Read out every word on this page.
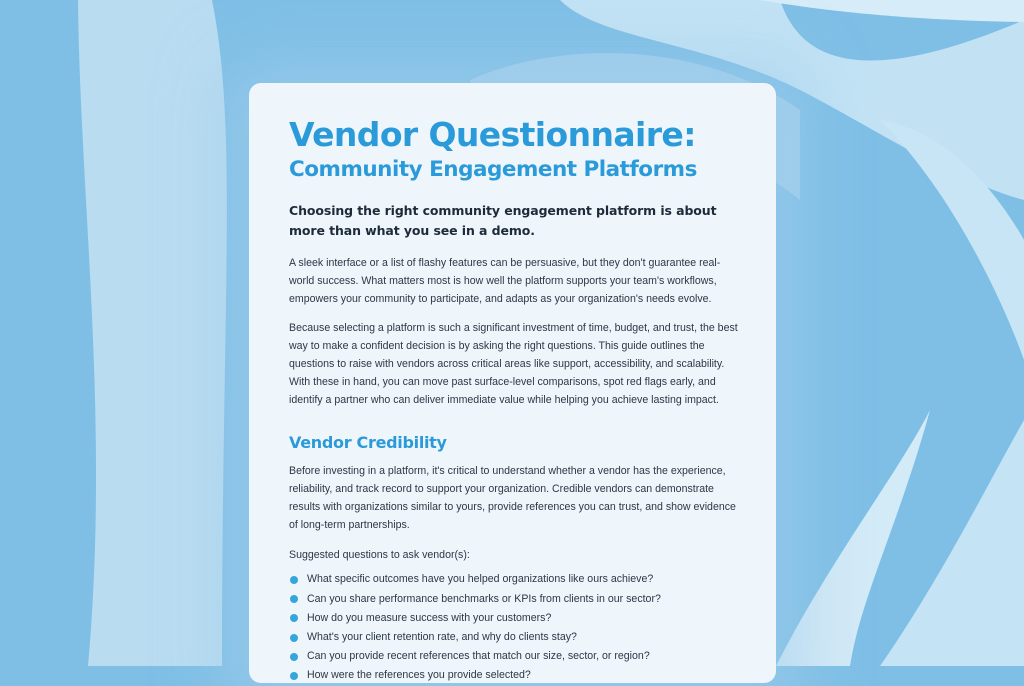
Vendor Questionnaire:
Community Engagement Platforms

Choosing the right community engagement platform is about more than what you see in a demo.

A sleek interface or a list of flashy features can be persuasive, but they don't guarantee real-world success. What matters most is how well the platform supports your team's workflows, empowers your community to participate, and adapts as your organization's needs evolve.

Because selecting a platform is such a significant investment of time, budget, and trust, the best way to make a confident decision is by asking the right questions. This guide outlines the questions to raise with vendors across critical areas like support, accessibility, and scalability. With these in hand, you can move past surface-level comparisons, spot red flags early, and identify a partner who can deliver immediate value while helping you achieve lasting impact.

Vendor Credibility

Before investing in a platform, it's critical to understand whether a vendor has the experience, reliability, and track record to support your organization. Credible vendors can demonstrate results with organizations similar to yours, provide references you can trust, and show evidence of long-term partnerships.

Suggested questions to ask vendor(s):

What specific outcomes have you helped organizations like ours achieve?
Can you share performance benchmarks or KPIs from clients in our sector?
How do you measure success with your customers?
What's your client retention rate, and why do clients stay?
Can you provide recent references that match our size, sector, or region?
How were the references you provide selected?
